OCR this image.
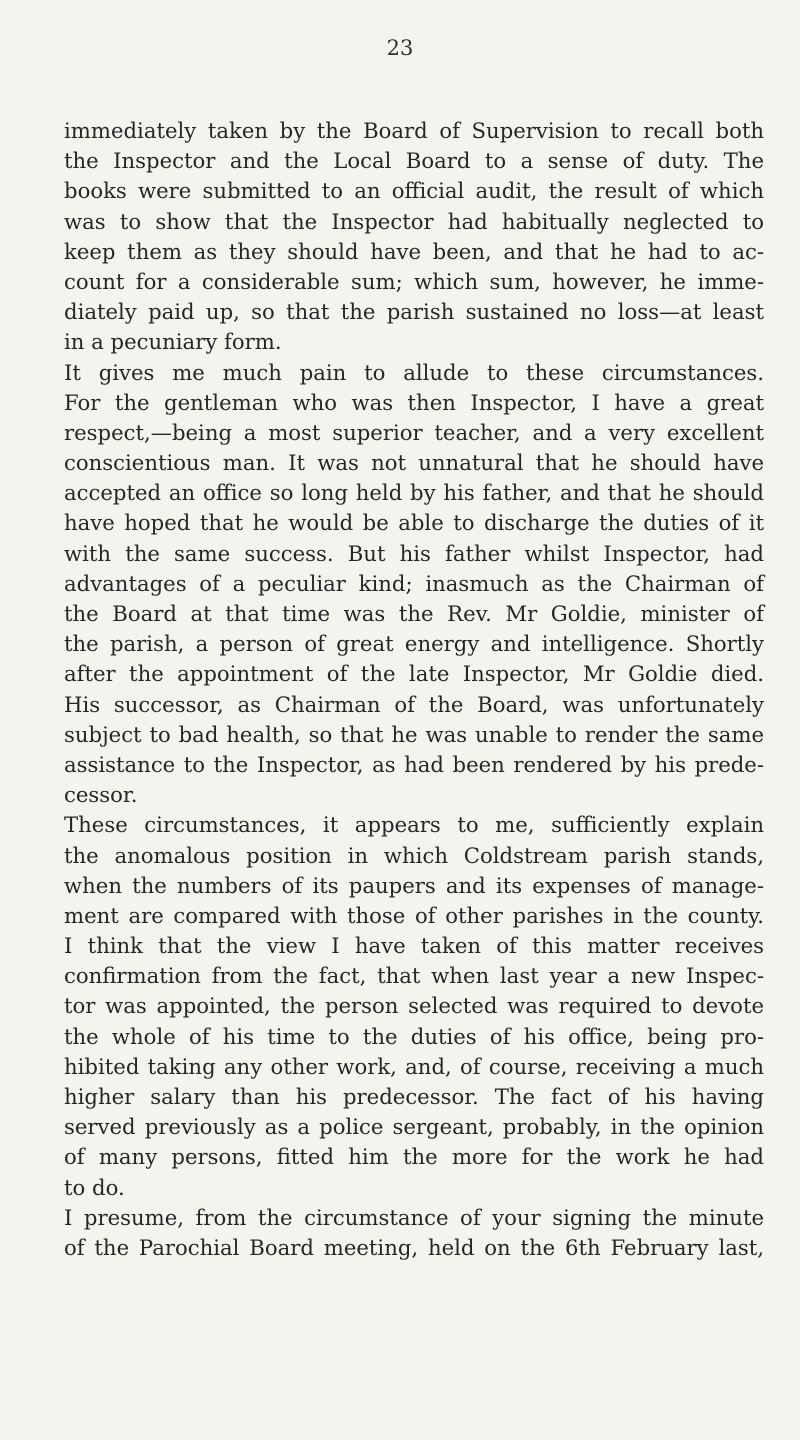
23
immediately taken by the Board of Supervision to recall both
the Inspector and the Local Board to a sense of duty. The
books were submitted to an official audit, the result of which
was to show that the Inspector had habitually neglected to
keep them as they should have been, and that he had to ac-
count for a considerable sum; which sum, however, he imme-
diately paid up, so that the parish sustained no loss—at least
in a pecuniary form.
It gives me much pain to allude to these circumstances.
For the gentleman who was then Inspector, I have a great
respect,—being a most superior teacher, and a very excellent
conscientious man. It was not unnatural that he should have
accepted an office so long held by his father, and that he should
have hoped that he would be able to discharge the duties of it
with the same success. But his father whilst Inspector, had
advantages of a peculiar kind; inasmuch as the Chairman of
the Board at that time was the Rev. Mr Goldie, minister of
the parish, a person of great energy and intelligence. Shortly
after the appointment of the late Inspector, Mr Goldie died.
His successor, as Chairman of the Board, was unfortunately
subject to bad health, so that he was unable to render the same
assistance to the Inspector, as had been rendered by his prede-
cessor.
These circumstances, it appears to me, sufficiently explain
the anomalous position in which Coldstream parish stands,
when the numbers of its paupers and its expenses of manage-
ment are compared with those of other parishes in the county.
I think that the view I have taken of this matter receives
confirmation from the fact, that when last year a new Inspec-
tor was appointed, the person selected was required to devote
the whole of his time to the duties of his office, being pro-
hibited taking any other work, and, of course, receiving a much
higher salary than his predecessor. The fact of his having
served previously as a police sergeant, probably, in the opinion
of many persons, fitted him the more for the work he had
to do.
I presume, from the circumstance of your signing the minute
of the Parochial Board meeting, held on the 6th February last,
